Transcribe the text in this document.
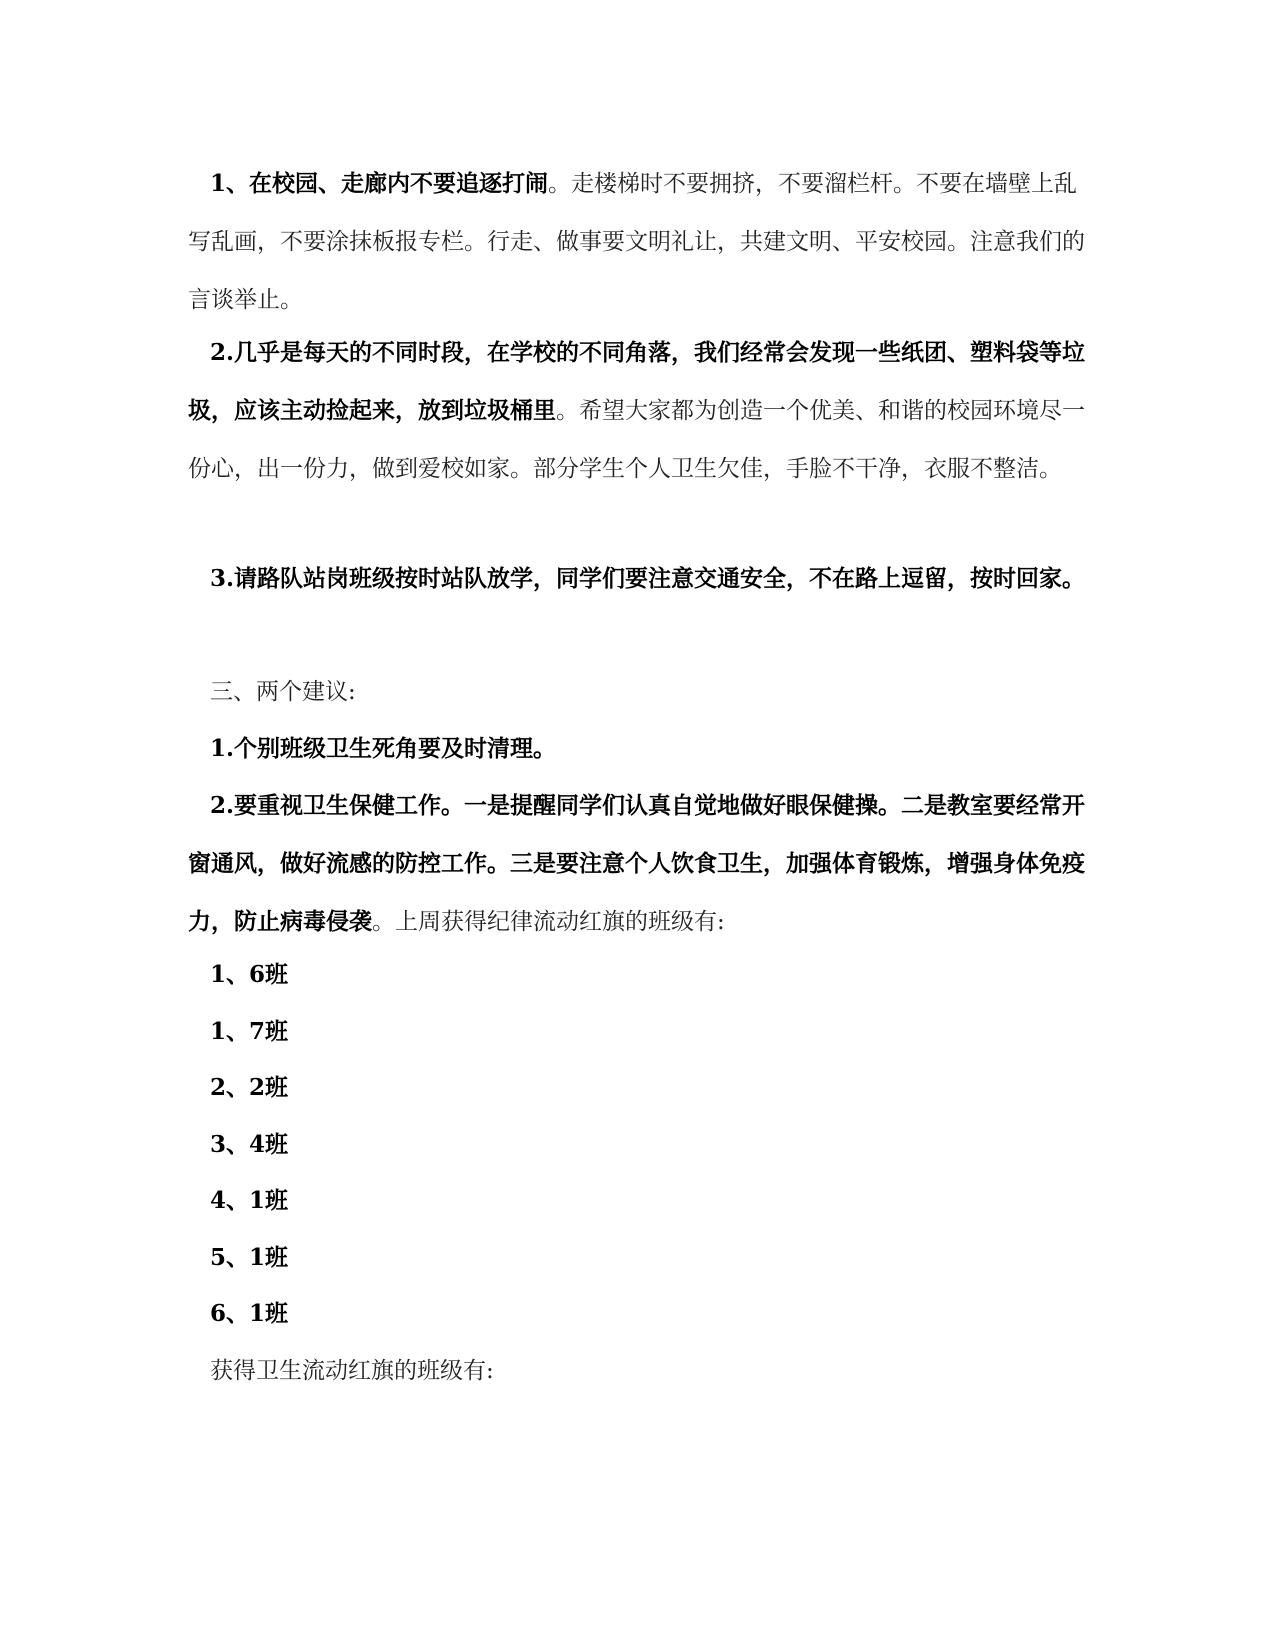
1、在校园、走廊内不要追逐打闹。走楼梯时不要拥挤，不要溜栏杆。不要在墙壁上乱写乱画，不要涂抹板报专栏。行走、做事要文明礼让，共建文明、平安校园。注意我们的言谈举止。

2.几乎是每天的不同时段，在学校的不同角落，我们经常会发现一些纸团、塑料袋等垃圾，应该主动捡起来，放到垃圾桶里。希望大家都为创造一个优美、和谐的校园环境尽一份心，出一份力，做到爱校如家。部分学生个人卫生欠佳，手脸不干净，衣服不整洁。

3.请路队站岗班级按时站队放学，同学们要注意交通安全，不在路上逗留，按时回家。

三、两个建议:

1.个别班级卫生死角要及时清理。

2.要重视卫生保健工作。一是提醒同学们认真自觉地做好眼保健操。二是教室要经常开窗通风，做好流感的防控工作。三是要注意个人饮食卫生，加强体育锻炼，增强身体免疫力，防止病毒侵袭。上周获得纪律流动红旗的班级有:

1、6班

1、7班

2、2班

3、4班

4、1班

5、1班

6、1班

获得卫生流动红旗的班级有:
